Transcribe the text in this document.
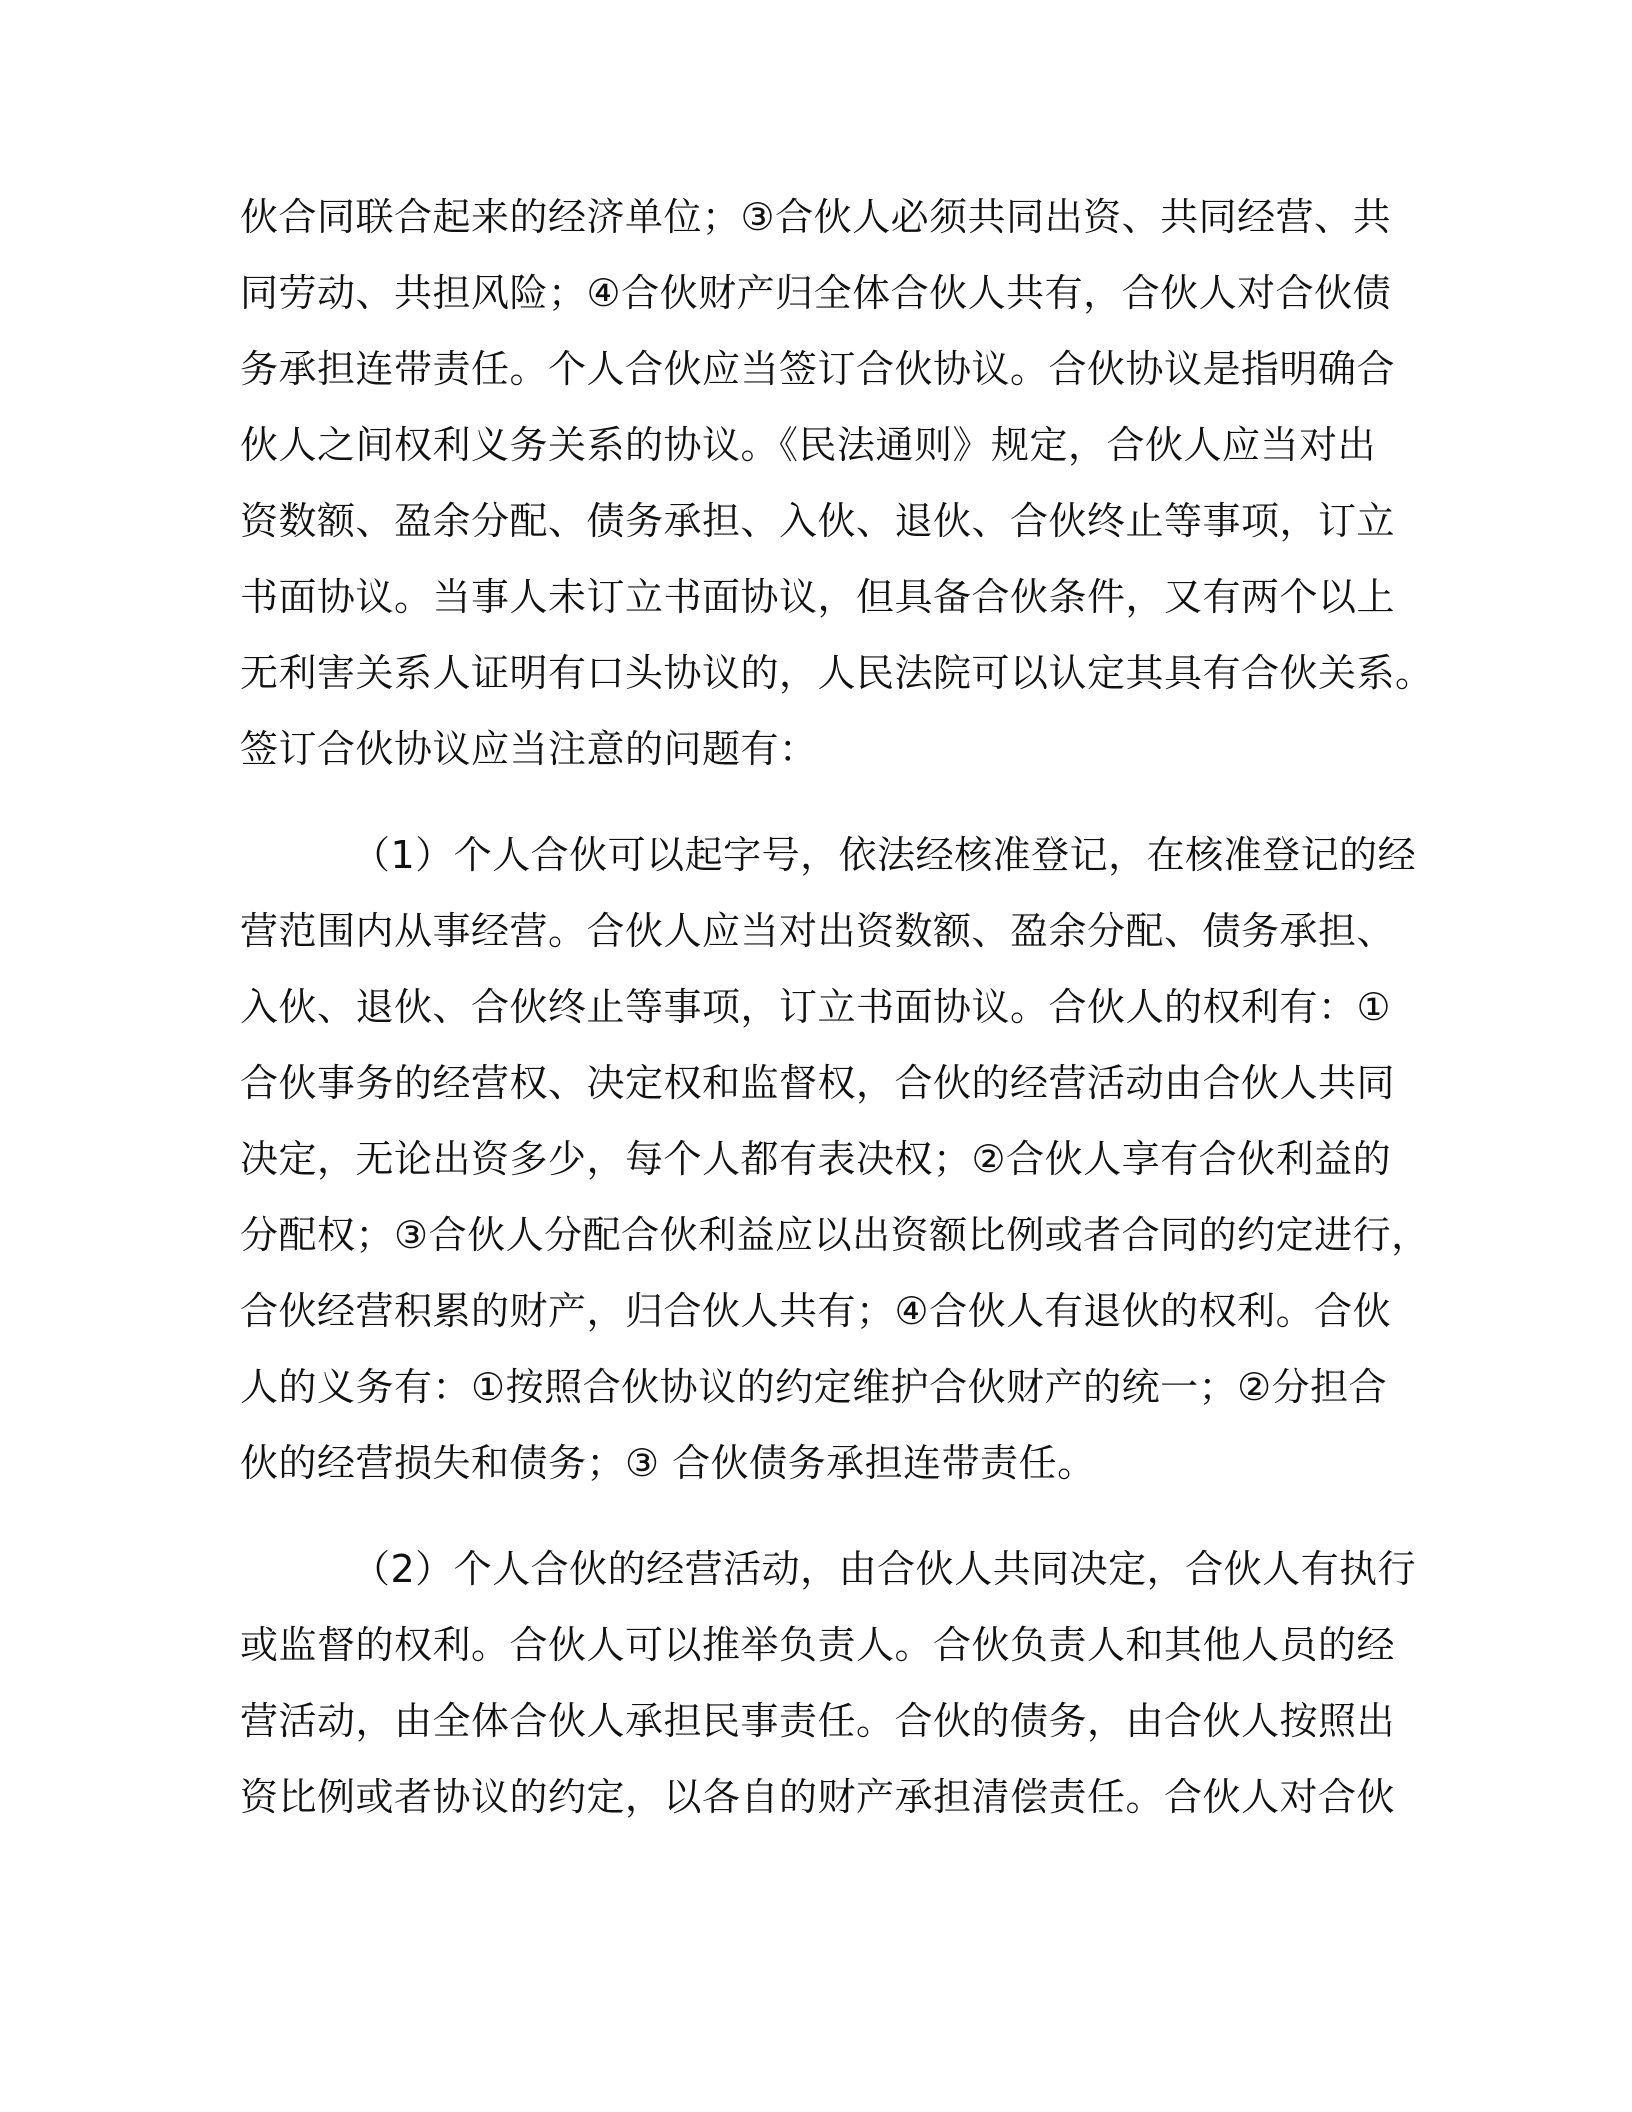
伙合同联合起来的经济单位；③合伙人必须共同出资、共同经营、共
同劳动、共担风险；④合伙财产归全体合伙人共有，合伙人对合伙债
务承担连带责任。个人合伙应当签订合伙协议。合伙协议是指明确合
伙人之间权利义务关系的协议。《民法通则》规定，合伙人应当对出
资数额、盈余分配、债务承担、入伙、退伙、合伙终止等事项，订立
书面协议。当事人未订立书面协议，但具备合伙条件，又有两个以上
无利害关系人证明有口头协议的，人民法院可以认定其具有合伙关系。
签订合伙协议应当注意的问题有：
（1）个人合伙可以起字号，依法经核准登记，在核准登记的经
营范围内从事经营。合伙人应当对出资数额、盈余分配、债务承担、
入伙、退伙、合伙终止等事项，订立书面协议。合伙人的权利有：①
合伙事务的经营权、决定权和监督权，合伙的经营活动由合伙人共同
决定，无论出资多少，每个人都有表决权；②合伙人享有合伙利益的
分配权；③合伙人分配合伙利益应以出资额比例或者合同的约定进行，
合伙经营积累的财产，归合伙人共有；④合伙人有退伙的权利。合伙
人的义务有：①按照合伙协议的约定维护合伙财产的统一；②分担合
伙的经营损失和债务；③ 合伙债务承担连带责任。
（2）个人合伙的经营活动，由合伙人共同决定，合伙人有执行
或监督的权利。合伙人可以推举负责人。合伙负责人和其他人员的经
营活动，由全体合伙人承担民事责任。合伙的债务，由合伙人按照出
资比例或者协议的约定，以各自的财产承担清偿责任。合伙人对合伙
